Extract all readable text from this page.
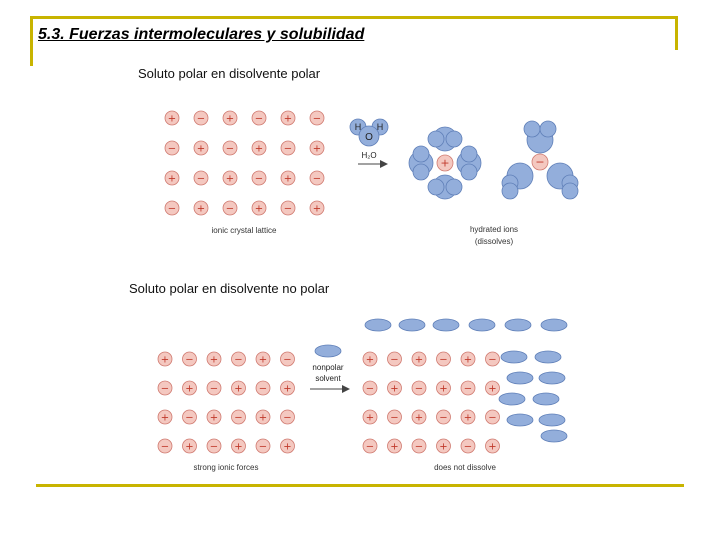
5.3. Fuerzas intermoleculares y solubilidad
Soluto polar en disolvente polar
Soluto polar en disolvente no polar
+ − + − + −
− + − + − +
+ − + − + −
− + − + − +
ionic crystal lattice
H
O
H
H₂O
+	−
hydrated ions
(dissolves)
+ − + − + −
− + − + − +
+ − + − + −
− + − + − +
strong ionic forces
nonpolar
solvent
+ − + − + −
− + − + − +
+ − + − + −
− + − + − +
does not dissolve
